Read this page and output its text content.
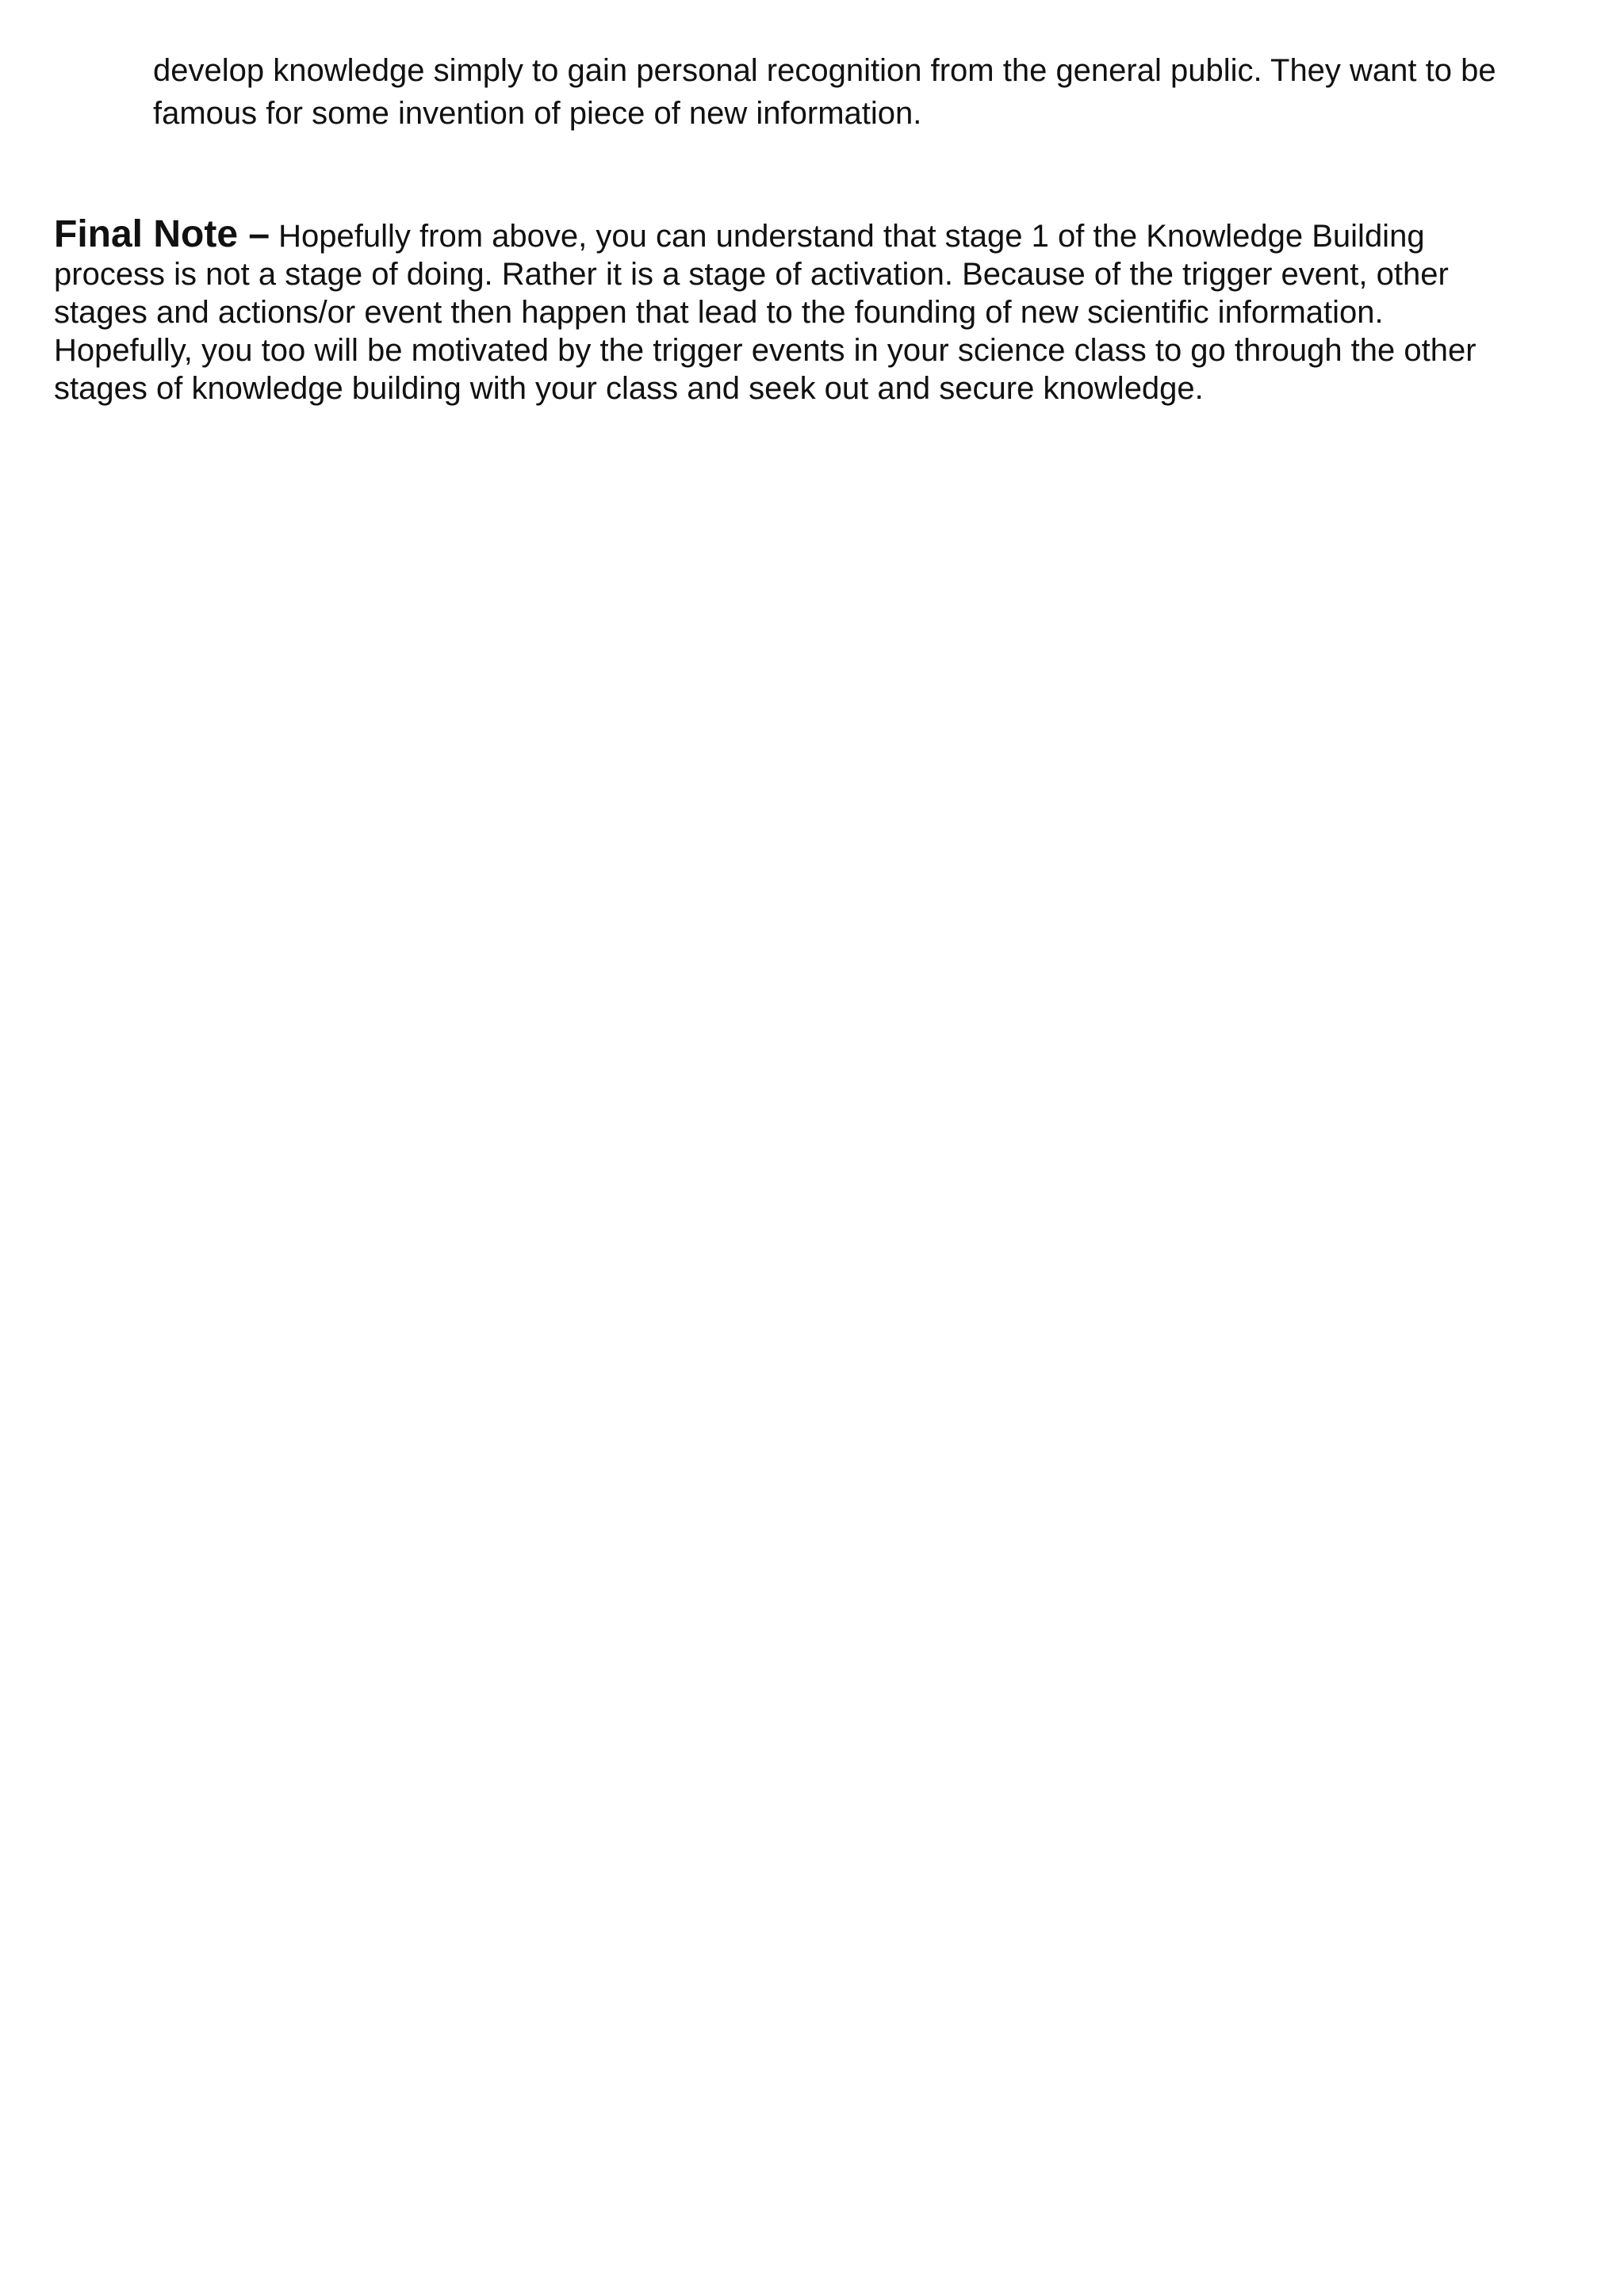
develop knowledge simply to gain personal recognition from the general public. They want to be
famous for some invention of piece of new information.

Final Note – Hopefully from above, you can understand that stage 1 of the Knowledge Building
process is not a stage of doing. Rather it is a stage of activation. Because of the trigger event, other
stages and actions/or event then happen that lead to the founding of new scientific information.
Hopefully, you too will be motivated by the trigger events in your science class to go through the other
stages of knowledge building with your class and seek out and secure knowledge.
